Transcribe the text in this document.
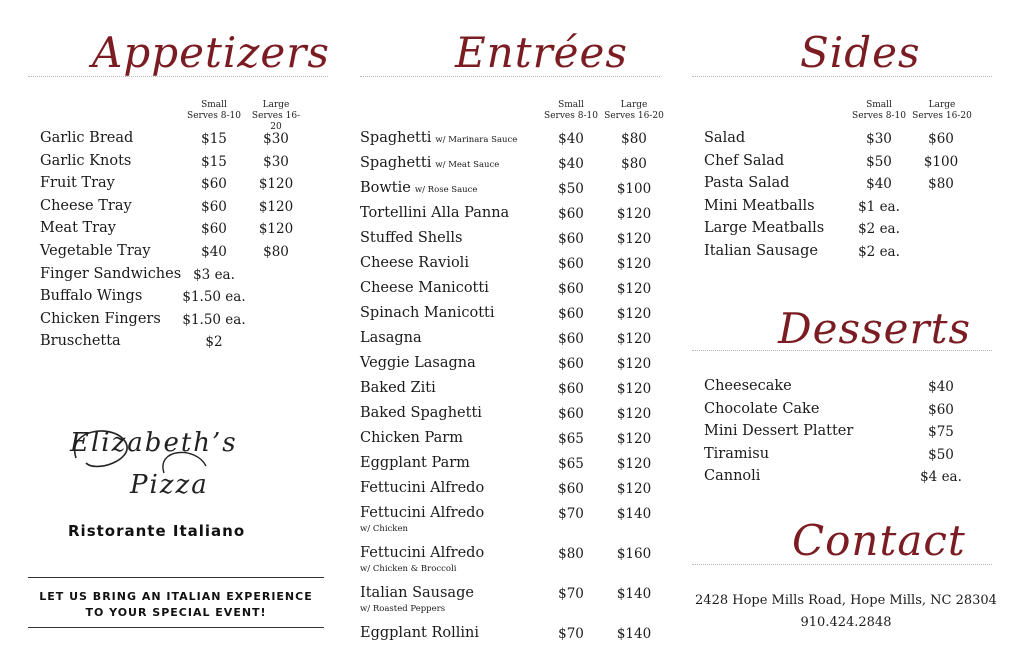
Appetizers
Small
Serves 8-10
Large
Serves 16-20
Garlic Bread	$15	$30
Garlic Knots	$15	$30
Fruit Tray	$60	$120
Cheese Tray	$60	$120
Meat Tray	$60	$120
Vegetable Tray	$40	$80
Finger Sandwiches $3 ea.
Buffalo Wings	$1.50 ea.
Chicken Fingers $1.50 ea.
Bruschetta	$2
Elizabeth’s
Pizza
Ristorante Italiano
LET US BRING AN ITALIAN EXPERIENCE
TO YOUR SPECIAL EVENT!
Entrées
Small
Serves 8-10
Large
Serves 16-20
Spaghetti w/ Marinara Sauce	$40	$80
Spaghetti w/ Meat Sauce	$40	$80
Bowtie w/ Rose Sauce	$50	$100
Tortellini Alla Panna	$60	$120
Stuffed Shells	$60	$120
Cheese Ravioli	$60	$120
Cheese Manicotti	$60	$120
Spinach Manicotti	$60	$120
Lasagna	$60	$120
Veggie Lasagna	$60	$120
Baked Ziti	$60	$120
Baked Spaghetti	$60	$120
Chicken Parm	$65	$120
Eggplant Parm	$65	$120
Fettucini Alfredo	$60	$120
Fettucini Alfredo	$70	$140
w/ Chicken
Fettucini Alfredo	$80	$160
w/ Chicken & Broccoli
Italian Sausage	$70	$140
w/ Roasted Peppers
Eggplant Rollini	$70	$140
Sides
Small
Serves 8-10
Large
Serves 16-20
Salad	$30	$60
Chef Salad	$50	$100
Pasta Salad	$40	$80
Mini Meatballs	$1 ea.
Large Meatballs	$2 ea.
Italian Sausage	$2 ea.
Desserts
Cheesecake	$40
Chocolate Cake	$60
Mini Dessert Platter	$75
Tiramisu	$50
Cannoli	$4 ea.
Contact
2428 Hope Mills Road, Hope Mills, NC 28304
910.424.2848
